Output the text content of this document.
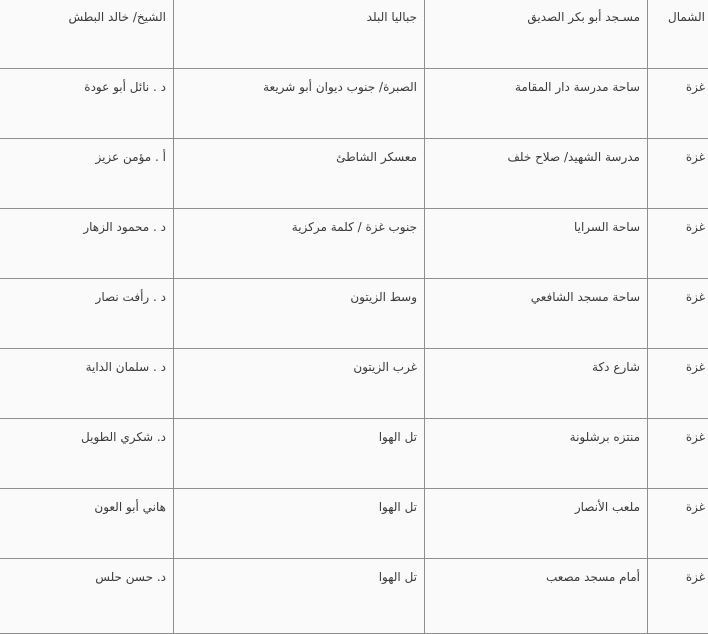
الشمال	مسـجد أبو بكر الصديق	جباليا البلد	الشيخ/ خالد البطش
غزة	ساحة مدرسة دار المقامة	الصبرة/ جنوب ديوان أبو شريعة	د . نائل أبو عودة
غزة	مدرسة الشهيد/ صلاح خلف	معسكر الشاطئ	أ . مؤمن عزيز
غزة	ساحة السرايا	جنوب غزة / كلمة مركزية	د . محمود الزهار
غزة	ساحة مسجد الشافعي	وسط الزيتون	د . رأفت نصار
غزة	شارع دكة	غرب الزيتون	د . سلمان الداية
غزة	منتزه برشلونة	تل الهوا	د. شكري الطويل
غزة	ملعب الأنصار	تل الهوا	هاني أبو العون
غزة	أمام مسجد مصعب	تل الهوا	د. حسن حلس
